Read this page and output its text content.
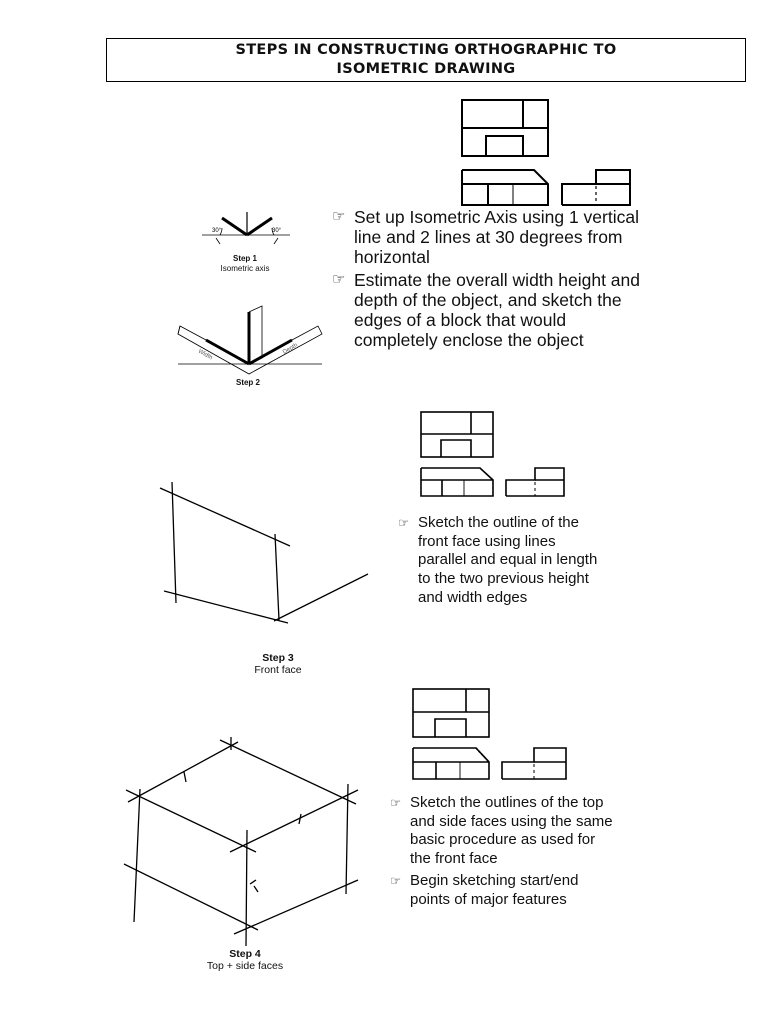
STEPS IN CONSTRUCTING ORTHOGRAPHIC TO
ISOMETRIC DRAWING
30°	30°
Step 1
Isometric axis
Width	Depth
Step 2
☞ Set up Isometric Axis using 1 vertical line and 2 lines at 30 degrees from horizontal
☞ Estimate the overall width height and depth of the object, and sketch the edges of a block that would completely enclose the object
Step 3
Front face
☞ Sketch the outline of the front face using lines parallel and equal in length to the two previous height and width edges
Step 4
Top + side faces
☞ Sketch the outlines of the top and side faces using the same basic procedure as used for the front face
☞ Begin sketching start/end points of major features
